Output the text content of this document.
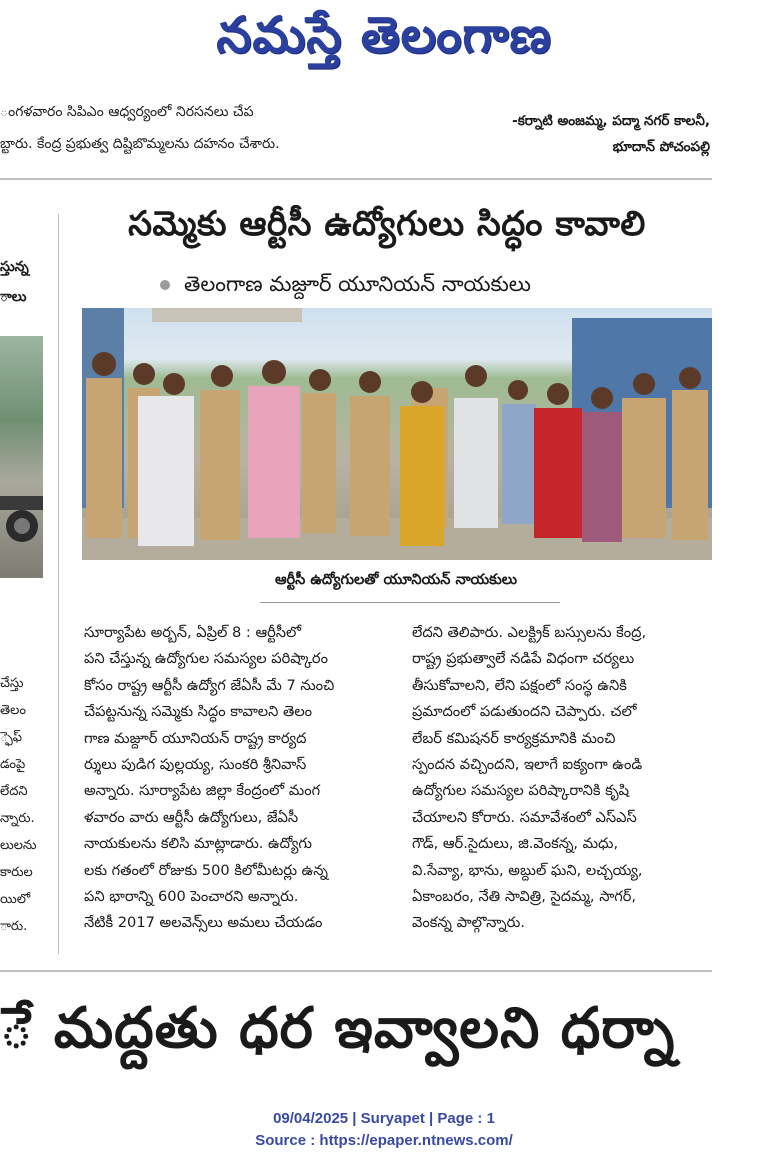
నమస్తే తెలంగాణ

ంగళవారం సిపిఎం ఆధ్వర్యంలో నిరసనలు చేప

బ్టారు. కేంద్ర ప్రభుత్వ దిష్టిబొమ్మలను దహనం చేశారు.

-కర్నాటి అంజమ్మ, పద్మా నగర్ కాలనీ,

భూదాన్ పోచంపల్లి

స్తున్న

ాలు

చేస్తు

తెలం

్ఫెఫ్

డంపై

లేదని

న్నారు.

లులను

కారుల

యిలో

ారు.

సమ్మెకు ఆర్టీసీ ఉద్యోగులు సిద్ధం కావాలి
తెలంగాణ మజ్దూర్ యూనియన్ నాయకులు
ఆర్టీసీ ఉద్యోగులతో యూనియన్ నాయకులు

సూర్యాపేట అర్బన్, ఏప్రిల్ 8 : ఆర్టీసీలో

పని చేస్తున్న ఉద్యోగుల సమస్యల పరిష్కారం

కోసం రాష్ట్ర ఆర్టీసీ ఉద్యోగ జేఏసీ మే 7 నుంచి

చేపట్టనున్న సమ్మెకు సిద్ధం కావాలని తెలం

గాణ మజ్దూర్ యూనియన్ రాష్ట్ర కార్యద

ర్శులు పుడిగ పుల్లయ్య, సుంకరి శ్రీనివాస్

అన్నారు. సూర్యాపేట జిల్లా కేంద్రంలో మంగ

ళవారం వారు ఆర్టీసీ ఉద్యోగులు, జేఏసీ

నాయకులను కలిసి మాట్లాడారు. ఉద్యోగు

లకు గతంలో రోజుకు 500 కిలోమీటర్లు ఉన్న

పని భారాన్ని 600 పెంచారని అన్నారు.

నేటికీ 2017 అలవెన్స్‌లు అమలు చేయడం

లేదని తెలిపారు. ఎలక్ట్రిక్ బస్సులను కేంద్ర,

రాష్ట్ర ప్రభుత్వాలే నడిపే విధంగా చర్యలు

తీసుకోవాలని, లేని పక్షంలో సంస్థ ఉనికి

ప్రమాదంలో పడుతుందని చెప్పారు. చలో

లేబర్ కమిషనర్ కార్యక్రమానికి మంచి

స్పందన వచ్చిందని, ఇలాగే ఐక్యంగా ఉండి

ఉద్యోగుల సమస్యల పరిష్కారానికి కృషి

చేయాలని కోరారు. సమావేశంలో ఎస్ఎస్

గౌడ్, ఆర్.సైదులు, జి.వెంకన్న, మధు,

వి.సేవ్యా, భాను, అబ్దుల్ ఘని, లచ్చయ్య,

ఏకాంబరం, నేతి సావిత్రి, సైదమ్మ, సాగర్,

వెంకన్న పాల్గొన్నారు.

ే మద్దతు ధర ఇవ్వాలని ధర్నా

09/04/2025 | Suryapet | Page : 1

Source : https://epaper.ntnews.com/
